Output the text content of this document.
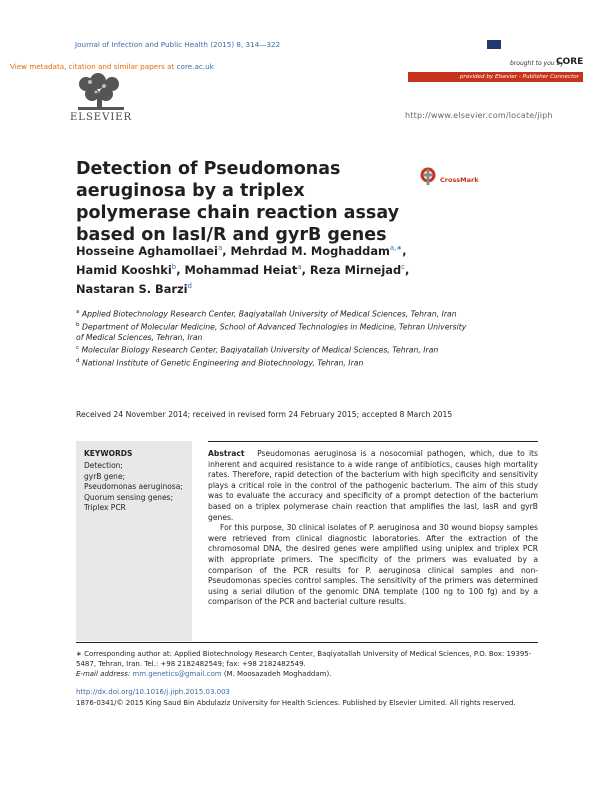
Journal of Infection and Public Health (2015) 8, 314—322
View metadata, citation and similar papers at core.ac.uk
ELSEVIER
brought to you by
CORE
provided by Elsevier - Publisher Connector
http://www.elsevier.com/locate/jiph
Detection of Pseudomonas aeruginosa by a triplex polymerase chain reaction assay based on lasI/R and gyrB genes
CrossMark
Hosseine Aghamollaei$^a$, Mehrdad M. Moghaddam$^{a,∗}$,
Hamid Kooshki$^b$, Mohammad Heiat$^a$, Reza Mirnejad$^c$,
Nastaran S. Barzi$^d$
$^a$ Applied Biotechnology Research Center, Baqiyatallah University of Medical Sciences, Tehran, Iran
$^b$ Department of Molecular Medicine, School of Advanced Technologies in Medicine, Tehran University of Medical Sciences, Tehran, Iran
$^c$ Molecular Biology Research Center, Baqiyatallah University of Medical Sciences, Tehran, Iran
$^d$ National Institute of Genetic Engineering and Biotechnology, Tehran, Iran
Received 24 November 2014; received in revised form 24 February 2015; accepted 8 March 2015
KEYWORDS
Detection;
gyrB gene;
Pseudomonas aeruginosa;
Quorum sensing genes;
Triplex PCR

Abstract Pseudomonas aeruginosa is a nosocomial pathogen, which, due to its inherent and acquired resistance to a wide range of antibiotics, causes high mortality rates. Therefore, rapid detection of the bacterium with high specificity and sensitivity plays a critical role in the control of the pathogenic bacterium. The aim of this study was to evaluate the accuracy and specificity of a prompt detection of the bacterium based on a triplex polymerase chain reaction that amplifies the lasI, lasR and gyrB genes.

For this purpose, 30 clinical isolates of P. aeruginosa and 30 wound biopsy samples were retrieved from clinical diagnostic laboratories. After the extraction of the chromosomal DNA, the desired genes were amplified using uniplex and triplex PCR with appropriate primers. The specificity of the primers was evaluated by a comparison of the PCR results for P. aeruginosa clinical samples and non-Pseudomonas species control samples. The sensitivity of the primers was determined using a serial dilution of the genomic DNA template (100 ng to 100 fg) and by a comparison of the PCR and bacterial culture results.

∗ Corresponding author at: Applied Biotechnology Research Center, Baqiyatallah University of Medical Sciences, P.O. Box: 19395-5487, Tehran, Iran. Tel.: +98 2182482549; fax: +98 2182482549.
E-mail address: mm.genetics@gmail.com (M. Moosazadeh Moghaddam).
http://dx.doi.org/10.1016/j.jiph.2015.03.003
1876-0341/© 2015 King Saud Bin Abdulaziz University for Health Sciences. Published by Elsevier Limited. All rights reserved.
